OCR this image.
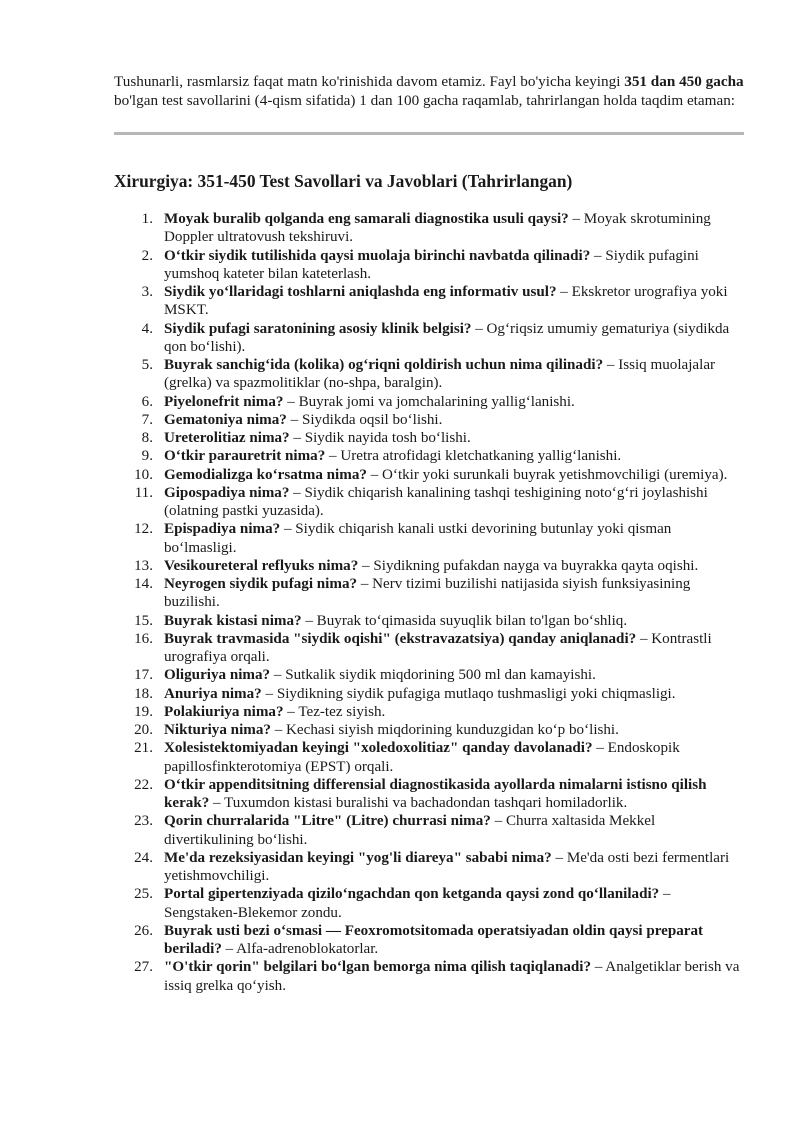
Tushunarli, rasmlarsiz faqat matn ko'rinishida davom etamiz. Fayl bo'yicha keyingi 351 dan 450 gacha bo'lgan test savollarini (4-qism sifatida) 1 dan 100 gacha raqamlab, tahrirlangan holda taqdim etaman:

Xirurgiya: 351-450 Test Savollari va Javoblari (Tahrirlangan)
1. Moyak buralib qolganda eng samarali diagnostika usuli qaysi? – Moyak skrotumining Doppler ultratovush tekshiruvi.
2. O‘tkir siydik tutilishida qaysi muolaja birinchi navbatda qilinadi? – Siydik pufagini yumshoq kateter bilan kateterlash.
3. Siydik yo‘llaridagi toshlarni aniqlashda eng informativ usul? – Ekskretor urografiya yoki MSKT.
4. Siydik pufagi saratonining asosiy klinik belgisi? – Og‘riqsiz umumiy gematuriya (siydikda qon bo‘lishi).
5. Buyrak sanchig‘ida (kolika) og‘riqni qoldirish uchun nima qilinadi? – Issiq muolajalar (grelka) va spazmolitiklar (no-shpa, baralgin).
6. Piyelonefrit nima? – Buyrak jomi va jomchalarining yallig‘lanishi.
7. Gematoniya nima? – Siydikda oqsil bo‘lishi.
8. Ureterolitiaz nima? – Siydik nayida tosh bo‘lishi.
9. O‘tkir parauretrit nima? – Uretra atrofidagi kletchatkaning yallig‘lanishi.
10. Gemodializga ko‘rsatma nima? – O‘tkir yoki surunkali buyrak yetishmovchiligi (uremiya).
11. Gipospadiya nima? – Siydik chiqarish kanalining tashqi teshigining noto‘g‘ri joylashishi (olatning pastki yuzasida).
12. Epispadiya nima? – Siydik chiqarish kanali ustki devorining butunlay yoki qisman bo‘lmasligi.
13. Vesikoureteral reflyuks nima? – Siydikning pufakdan nayga va buyrakka qayta oqishi.
14. Neyrogen siydik pufagi nima? – Nerv tizimi buzilishi natijasida siyish funksiyasining buzilishi.
15. Buyrak kistasi nima? – Buyrak to‘qimasida suyuqlik bilan to'lgan bo‘shliq.
16. Buyrak travmasida "siydik oqishi" (ekstravazatsiya) qanday aniqlanadi? – Kontrastli urografiya orqali.
17. Oliguriya nima? – Sutkalik siydik miqdorining 500 ml dan kamayishi.
18. Anuriya nima? – Siydikning siydik pufagiga mutlaqo tushmasligi yoki chiqmasligi.
19. Polakiuriya nima? – Tez-tez siyish.
20. Nikturiya nima? – Kechasi siyish miqdorining kunduzgidan ko‘p bo‘lishi.
21. Xolesistektomiyadan keyingi "xoledoxolitiaz" qanday davolanadi? – Endoskopik papillosfinkterotomiya (EPST) orqali.
22. O‘tkir appenditsitning differensial diagnostikasida ayollarda nimalarni istisno qilish kerak? – Tuxumdon kistasi buralishi va bachadondan tashqari homiladorlik.
23. Qorin churralarida "Litre" (Litre) churrasi nima? – Churra xaltasida Mekkel divertikulining bo‘lishi.
24. Me'da rezeksiyasidan keyingi "yog'li diareya" sababi nima? – Me'da osti bezi fermentlari yetishmovchiligi.
25. Portal gipertenziyada qizilo‘ngachdan qon ketganda qaysi zond qo‘llaniladi? – Sengstaken-Blekemor zondu.
26. Buyrak usti bezi o‘smasi — Feoxromotsitomada operatsiyadan oldin qaysi preparat beriladi? – Alfa-adrenoblokatorlar.
27. "O'tkir qorin" belgilari bo‘lgan bemorga nima qilish taqiqlanadi? – Analgetiklar berish va issiq grelka qo‘yish.
